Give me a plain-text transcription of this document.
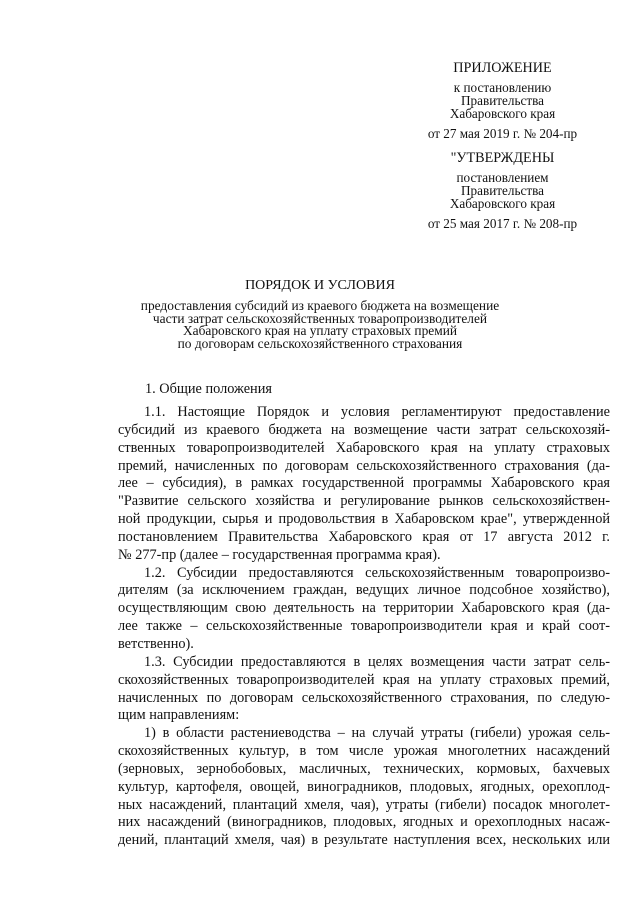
ПРИЛОЖЕНИЕ
к постановлению
Правительства
Хабаровского края
от 27 мая 2019 г. № 204-пр
"УТВЕРЖДЕНЫ
постановлением
Правительства
Хабаровского края
от 25 мая 2017 г. № 208-пр
ПОРЯДОК И УСЛОВИЯ
предоставления субсидий из краевого бюджета на возмещение
части затрат сельскохозяйственных товаропроизводителей
Хабаровского края на уплату страховых премий
по договорам сельскохозяйственного страхования
1. Общие положения
1.1. Настоящие Порядок и условия регламентируют предоставление
субсидий из краевого бюджета на возмещение части затрат сельскохозяй-
ственных товаропроизводителей Хабаровского края на уплату страховых
премий, начисленных по договорам сельскохозяйственного страхования (да-
лее – субсидия), в рамках государственной программы Хабаровского края
"Развитие сельского хозяйства и регулирование рынков сельскохозяйствен-
ной продукции, сырья и продовольствия в Хабаровском крае", утвержденной
постановлением Правительства Хабаровского края от 17 августа 2012 г.
№ 277-пр (далее – государственная программа края).
1.2. Субсидии предоставляются сельскохозяйственным товаропроизво-
дителям (за исключением граждан, ведущих личное подсобное хозяйство),
осуществляющим свою деятельность на территории Хабаровского края (да-
лее также – сельскохозяйственные товаропроизводители края и край соот-
ветственно).
1.3. Субсидии предоставляются в целях возмещения части затрат сель-
скохозяйственных товаропроизводителей края на уплату страховых премий,
начисленных по договорам сельскохозяйственного страхования, по следую-
щим направлениям:
1) в области растениеводства – на случай утраты (гибели) урожая сель-
скохозяйственных культур, в том числе урожая многолетних насаждений
(зерновых, зернобобовых, масличных, технических, кормовых, бахчевых
культур, картофеля, овощей, виноградников, плодовых, ягодных, орехоплод-
ных насаждений, плантаций хмеля, чая), утраты (гибели) посадок многолет-
них насаждений (виноградников, плодовых, ягодных и орехоплодных насаж-
дений, плантаций хмеля, чая) в результате наступления всех, нескольких или
